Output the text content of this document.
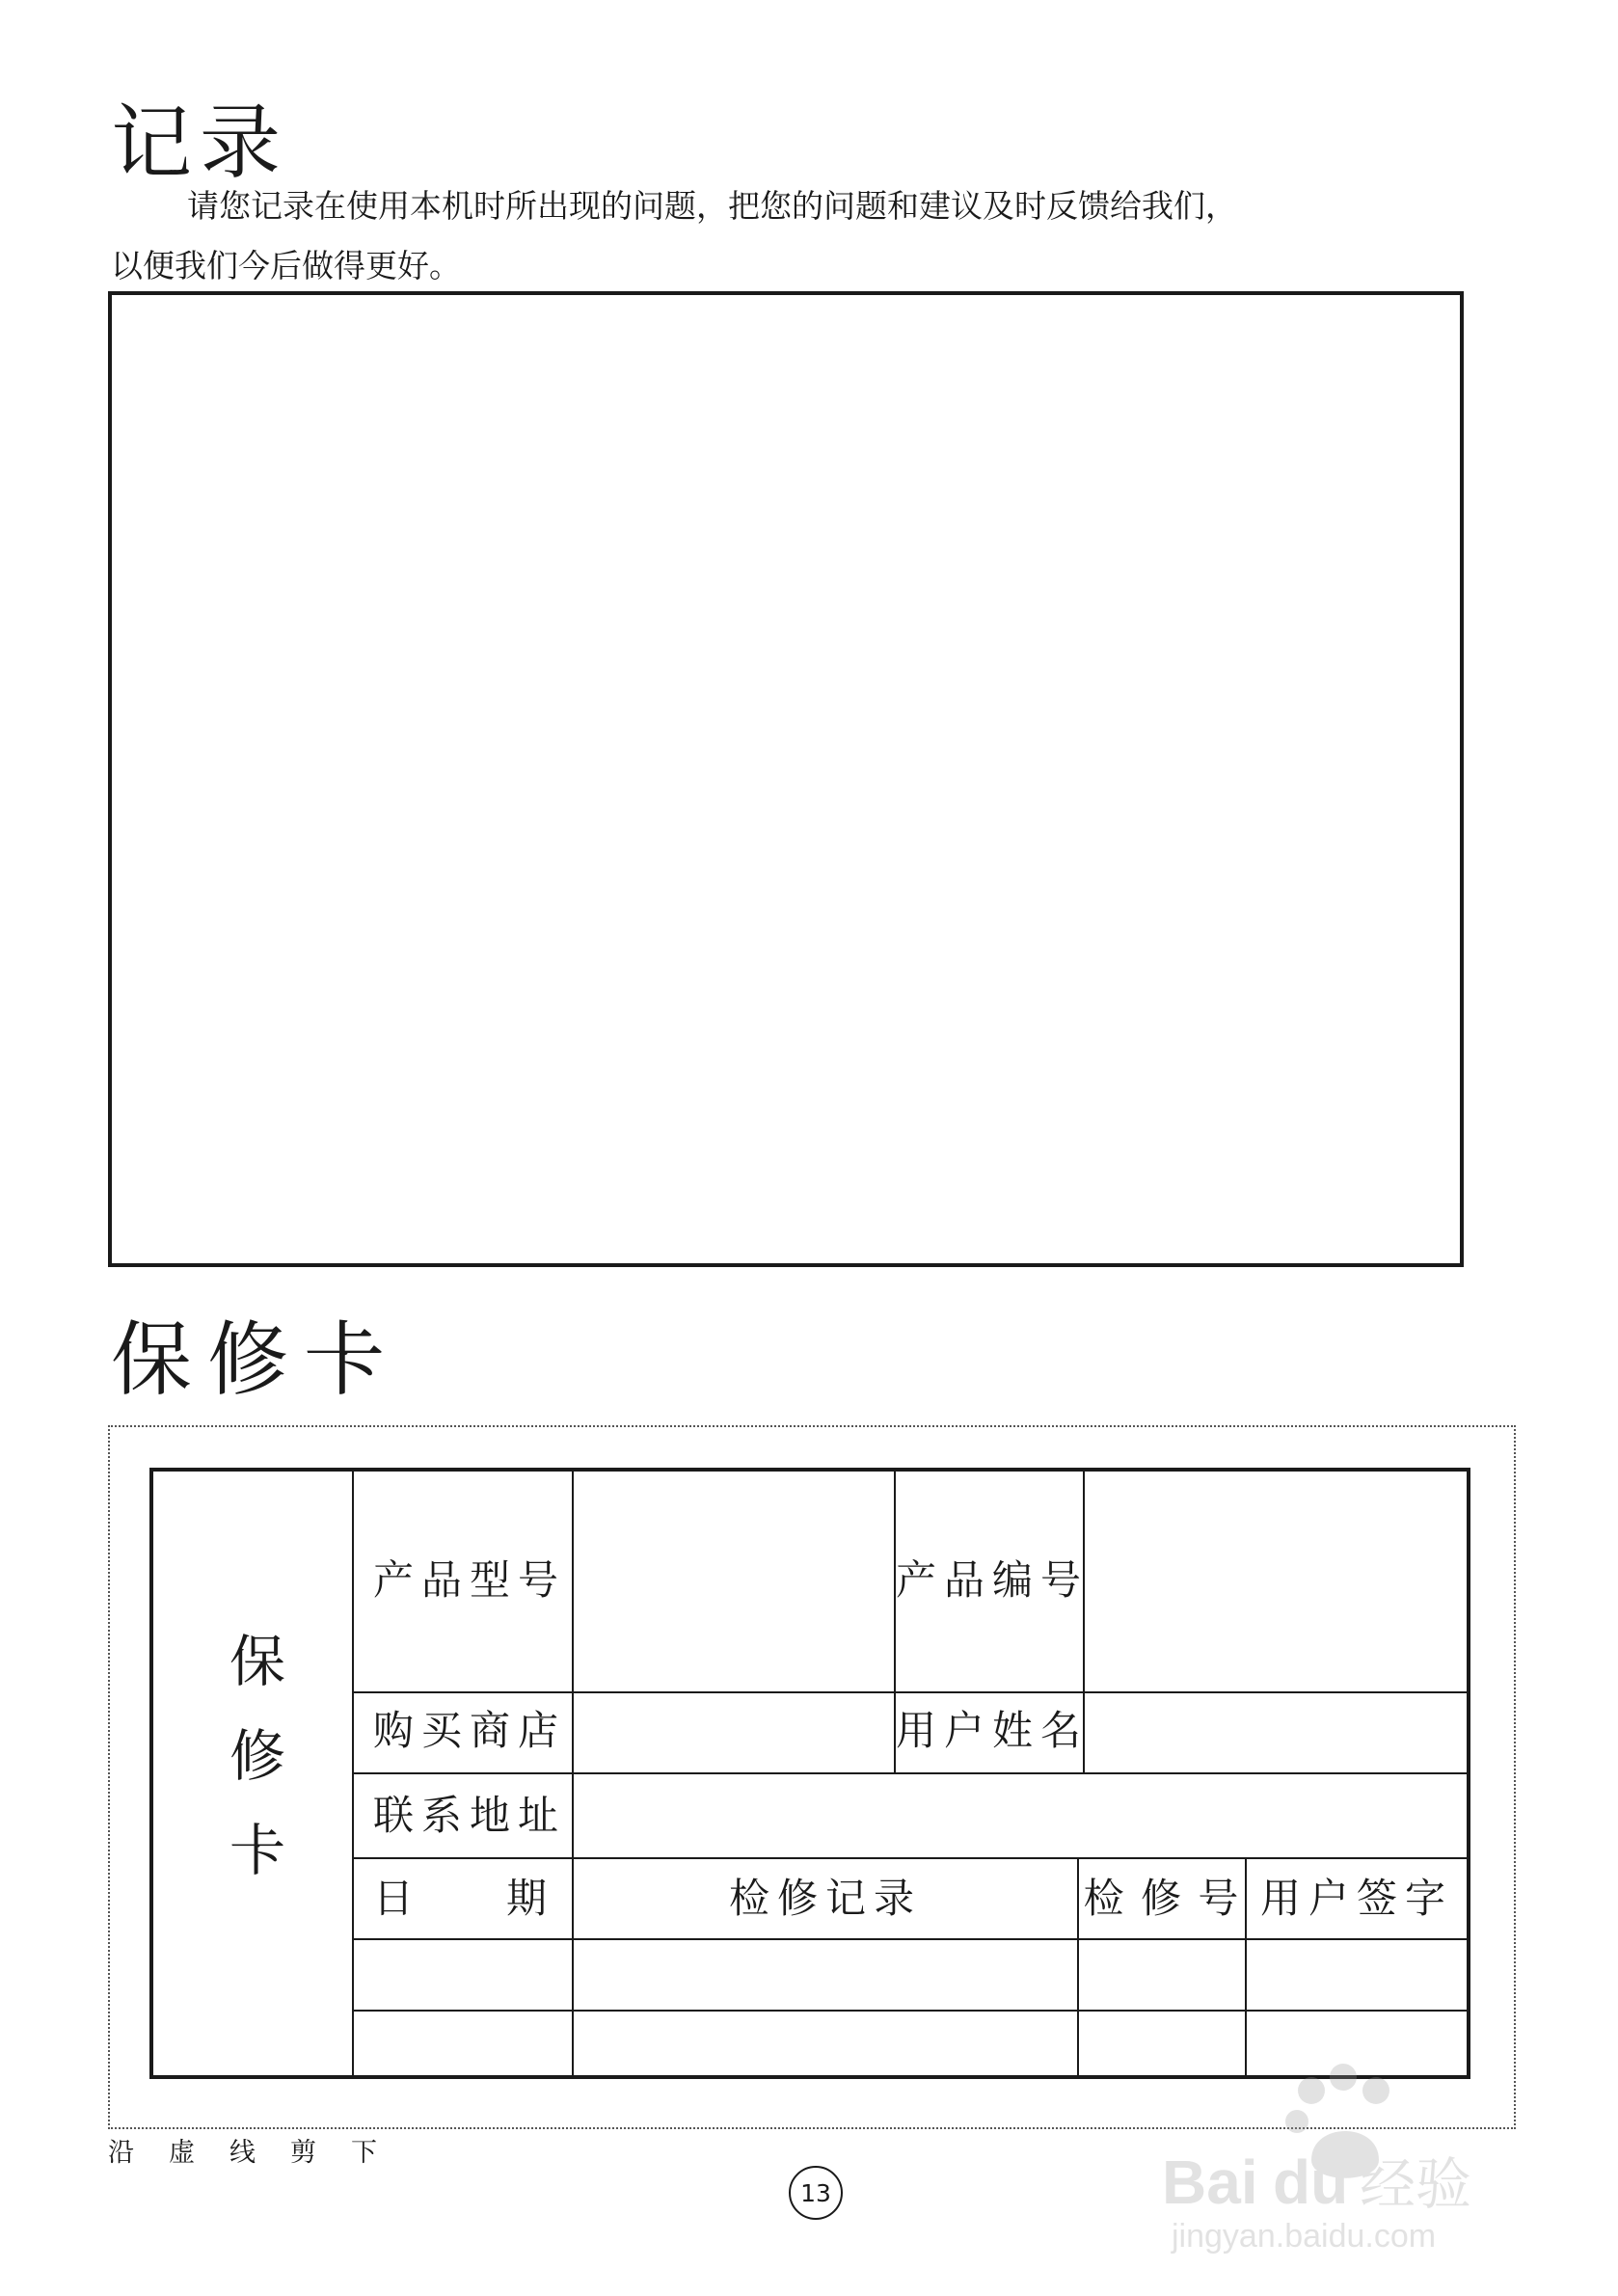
记录
请您记录在使用本机时所出现的问题，把您的问题和建议及时反馈给我们，
以便我们今后做得更好。
保修卡
保修卡
产品型号	产品编号
购买商店	用户姓名
联系地址
日 期	检修记录	检 修 号 用户签字
沿虚线剪下
13	Bai du 经验
jingyan.baidu.com
